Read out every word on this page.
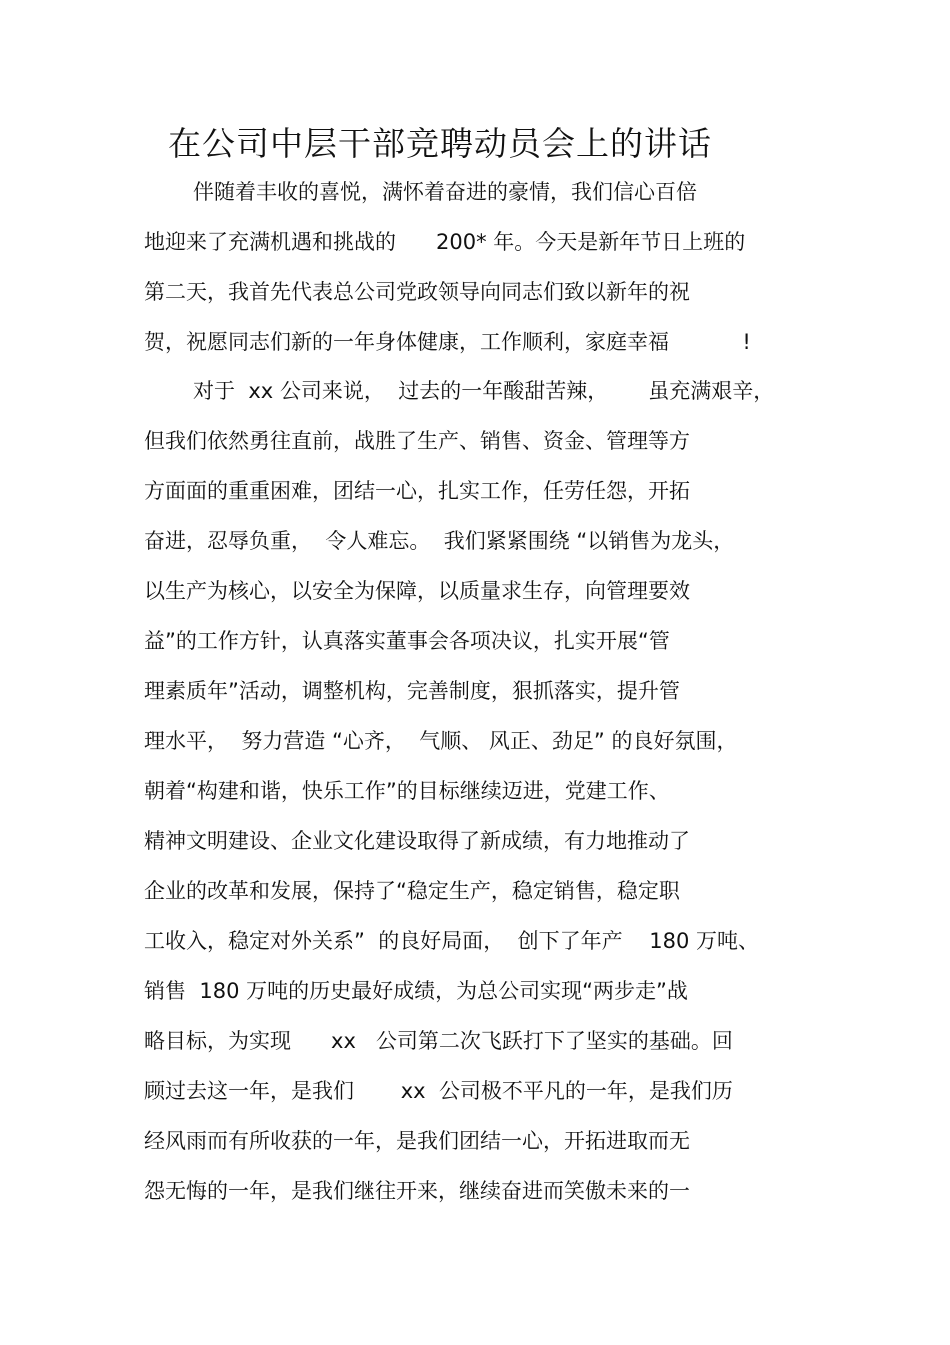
在公司中层干部竞聘动员会上的讲话
伴随着丰收的喜悦，满怀着奋进的豪情，我们信心百倍
地迎来了充满机遇和挑战的      200* 年。今天是新年节日上班的
第二天，我首先代表总公司党政领导向同志们致以新年的祝
贺，祝愿同志们新的一年身体健康，工作顺利，家庭幸福           !
对于  xx 公司来说，  过去的一年酸甜苦辣，      虽充满艰辛，
但我们依然勇往直前，战胜了生产、销售、资金、管理等方
方面面的重重困难，团结一心，扎实工作，任劳任怨，开拓
奋进，忍辱负重，  令人难忘。  我们紧紧围绕 “以销售为龙头，
以生产为核心，以安全为保障，以质量求生存，向管理要效
益”的工作方针，认真落实董事会各项决议，扎实开展“管
理素质年”活动，调整机构，完善制度，狠抓落实，提升管
理水平，  努力营造 “心齐，  气顺、 风正、劲足” 的良好氛围，
朝着“构建和谐，快乐工作”的目标继续迈进，党建工作、
精神文明建设、企业文化建设取得了新成绩，有力地推动了
企业的改革和发展，保持了“稳定生产，稳定销售，稳定职
工收入，稳定对外关系”  的良好局面，  创下了年产    180 万吨、
销售  180 万吨的历史最好成绩，为总公司实现“两步走”战
略目标，为实现      xx   公司第二次飞跃打下了坚实的基础。回
顾过去这一年，是我们       xx  公司极不平凡的一年，是我们历
经风雨而有所收获的一年，是我们团结一心，开拓进取而无
怨无悔的一年，是我们继往开来，继续奋进而笑傲未来的一
